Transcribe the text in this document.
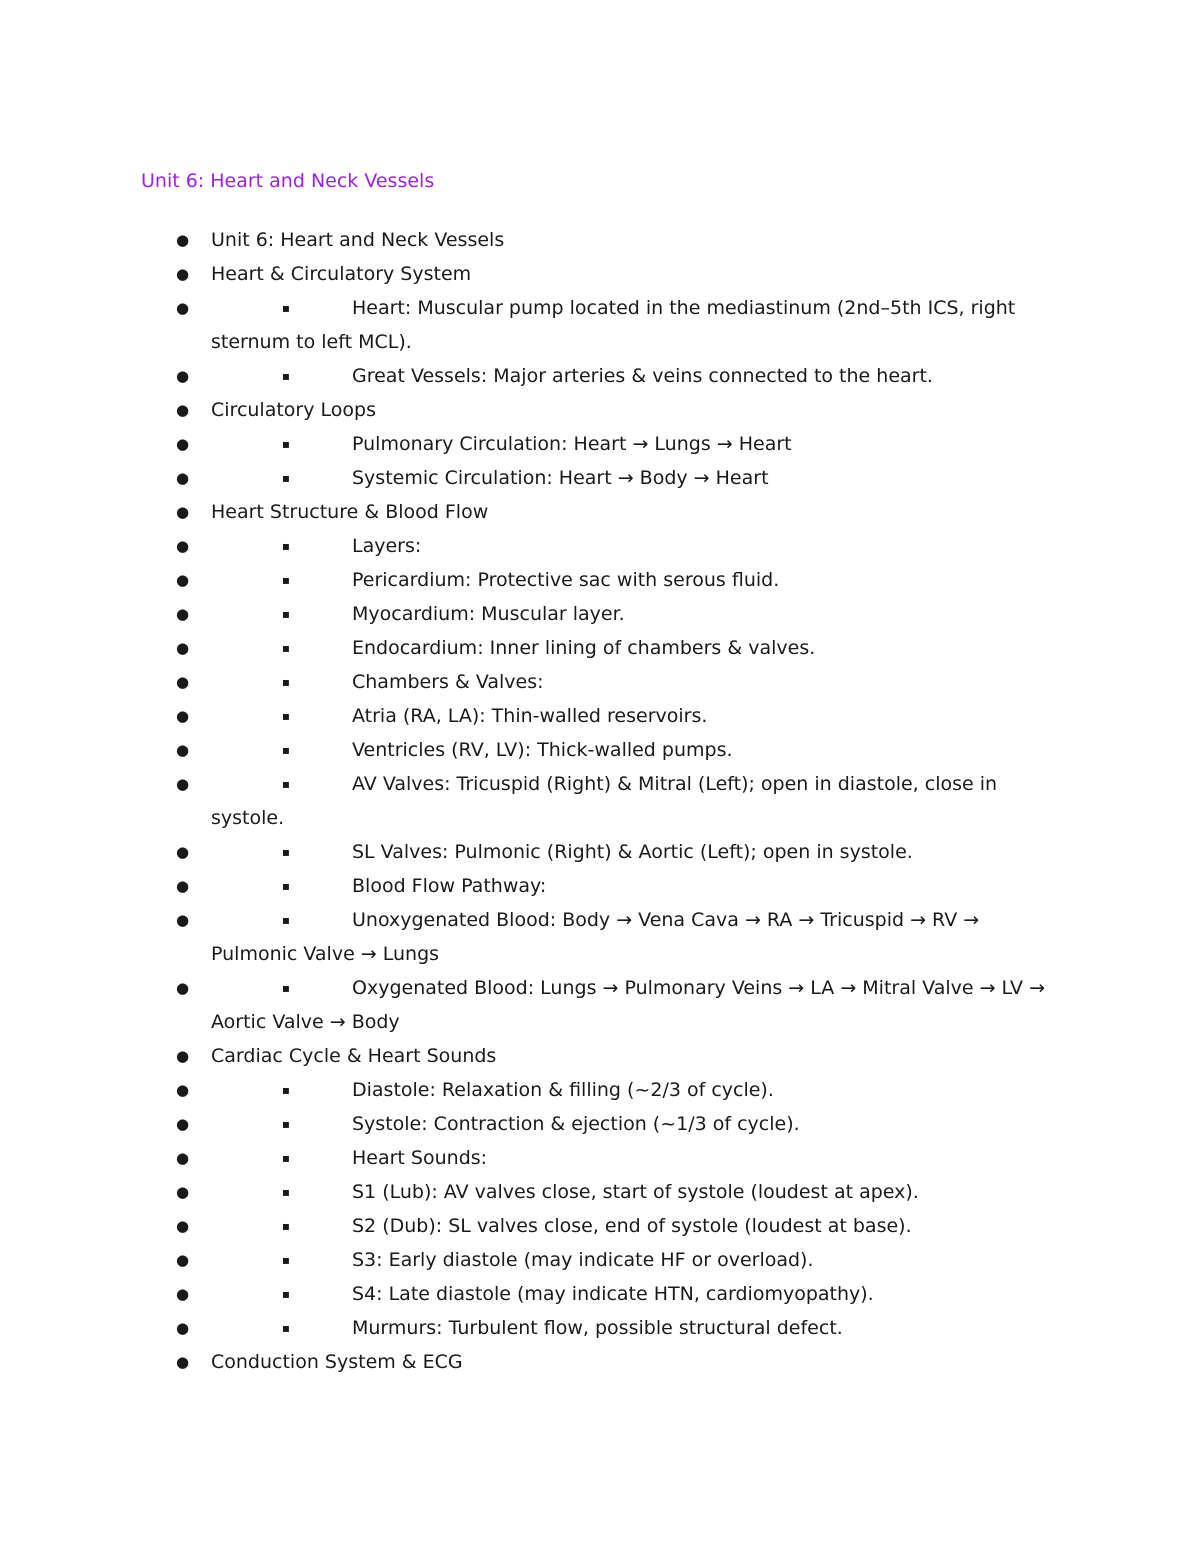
Unit 6: Heart and Neck Vessels
● Unit 6: Heart and Neck Vessels
● Heart & Circulatory System
●	▪	Heart: Muscular pump located in the mediastinum (2nd–5th ICS, right sternum to left MCL).
●	▪	Great Vessels: Major arteries & veins connected to the heart.
● Circulatory Loops
●	▪	Pulmonary Circulation: Heart → Lungs → Heart
●	▪	Systemic Circulation: Heart → Body → Heart
● Heart Structure & Blood Flow
●	▪	Layers:
●	▪	Pericardium: Protective sac with serous fluid.
●	▪	Myocardium: Muscular layer.
●	▪	Endocardium: Inner lining of chambers & valves.
●	▪	Chambers & Valves:
●	▪	Atria (RA, LA): Thin-walled reservoirs.
●	▪	Ventricles (RV, LV): Thick-walled pumps.
●	▪	AV Valves: Tricuspid (Right) & Mitral (Left); open in diastole, close in systole.
●	▪	SL Valves: Pulmonic (Right) & Aortic (Left); open in systole.
●	▪	Blood Flow Pathway:
●	▪	Unoxygenated Blood: Body → Vena Cava → RA → Tricuspid → RV → Pulmonic Valve → Lungs
●	▪	Oxygenated Blood: Lungs → Pulmonary Veins → LA → Mitral Valve → LV → Aortic Valve → Body
● Cardiac Cycle & Heart Sounds
●	▪	Diastole: Relaxation & filling (~2/3 of cycle).
●	▪	Systole: Contraction & ejection (~1/3 of cycle).
●	▪	Heart Sounds:
●	▪	S1 (Lub): AV valves close, start of systole (loudest at apex).
●	▪	S2 (Dub): SL valves close, end of systole (loudest at base).
●	▪	S3: Early diastole (may indicate HF or overload).
●	▪	S4: Late diastole (may indicate HTN, cardiomyopathy).
●	▪	Murmurs: Turbulent flow, possible structural defect.
● Conduction System & ECG
